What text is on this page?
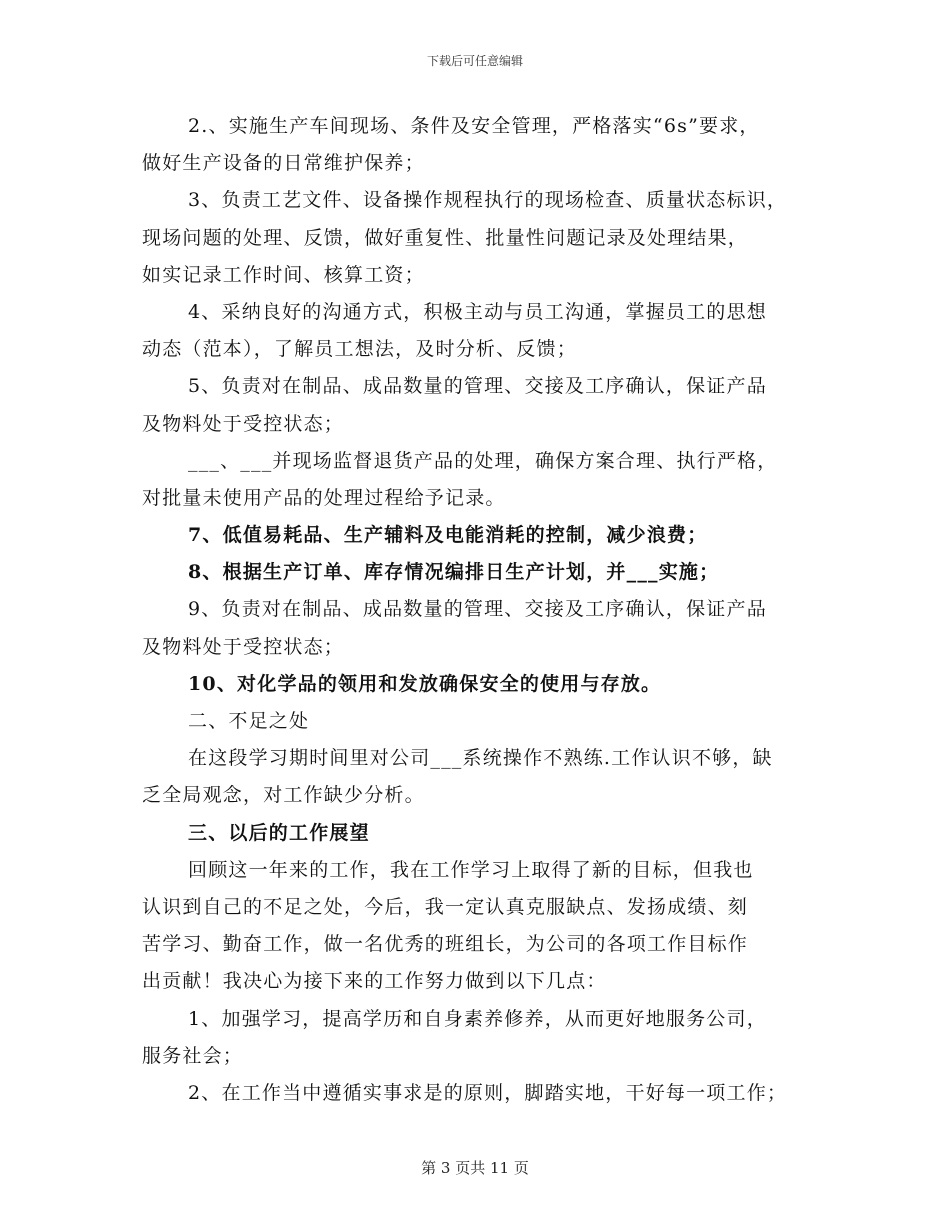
下载后可任意编辑
2.、实施生产车间现场、条件及安全管理，严格落实“6s”要求，
做好生产设备的日常维护保养；
3、负责工艺文件、设备操作规程执行的现场检查、质量状态标识，
现场问题的处理、反馈，做好重复性、批量性问题记录及处理结果，
如实记录工作时间、核算工资；
4、采纳良好的沟通方式，积极主动与员工沟通，掌握员工的思想
动态（范本），了解员工想法，及时分析、反馈；
5、负责对在制品、成品数量的管理、交接及工序确认，保证产品
及物料处于受控状态；
___、___并现场监督退货产品的处理，确保方案合理、执行严格，
对批量未使用产品的处理过程给予记录。
7、低值易耗品、生产辅料及电能消耗的控制，减少浪费；
8、根据生产订单、库存情况编排日生产计划，并___实施；
9、负责对在制品、成品数量的管理、交接及工序确认，保证产品
及物料处于受控状态；
10、对化学品的领用和发放确保安全的使用与存放。
二、不足之处
在这段学习期时间里对公司___系统操作不熟练.工作认识不够，缺
乏全局观念，对工作缺少分析。
三、以后的工作展望
回顾这一年来的工作，我在工作学习上取得了新的目标，但我也
认识到自己的不足之处，今后，我一定认真克服缺点、发扬成绩、刻
苦学习、勤奋工作，做一名优秀的班组长，为公司的各项工作目标作
出贡献！我决心为接下来的工作努力做到以下几点：
1、加强学习，提高学历和自身素养修养，从而更好地服务公司，
服务社会；
2、在工作当中遵循实事求是的原则，脚踏实地，干好每一项工作；
第 3 页共 11 页
